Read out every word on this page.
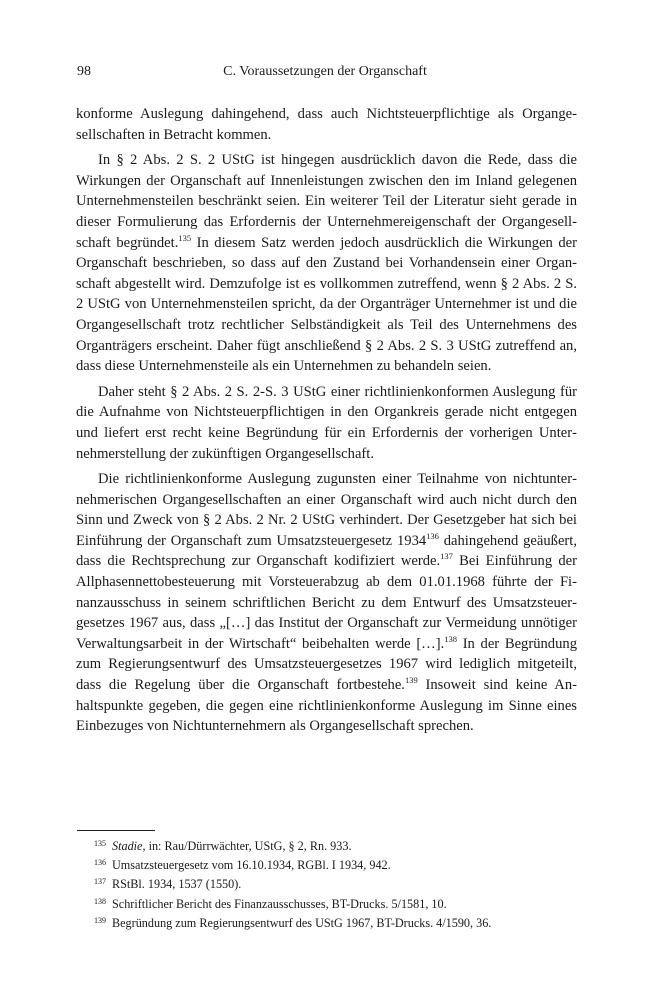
98	C. Voraussetzungen der Organschaft

konforme Auslegung dahingehend, dass auch Nichtsteuerpflichtige als Organgesellschaften in Betracht kommen.

In § 2 Abs. 2 S. 2 UStG ist hingegen ausdrücklich davon die Rede, dass die Wirkungen der Organschaft auf Innenleistungen zwischen den im Inland gelegenen Unternehmensteilen beschränkt seien. Ein weiterer Teil der Literatur sieht gerade in dieser Formulierung das Erfordernis der Unternehmereigenschaft der Organgesellschaft begründet.$^{135}$ In diesem Satz werden jedoch ausdrücklich die Wirkungen der Organschaft beschrieben, so dass auf den Zustand bei Vorhandensein einer Organschaft abgestellt wird. Demzufolge ist es vollkommen zutreffend, wenn § 2 Abs. 2 S. 2 UStG von Unternehmensteilen spricht, da der Organträger Unternehmer ist und die Organgesellschaft trotz rechtlicher Selbständigkeit als Teil des Unternehmens des Organträgers erscheint. Daher fügt anschließend § 2 Abs. 2 S. 3 UStG zutreffend an, dass diese Unternehmensteile als ein Unternehmen zu behandeln seien.

Daher steht § 2 Abs. 2 S. 2-S. 3 UStG einer richtlinienkonformen Auslegung für die Aufnahme von Nichtsteuerpflichtigen in den Organkreis gerade nicht entgegen und liefert erst recht keine Begründung für ein Erfordernis der vorherigen Unternehmerstellung der zukünftigen Organgesellschaft.

Die richtlinienkonforme Auslegung zugunsten einer Teilnahme von nichtunternehmerischen Organgesellschaften an einer Organschaft wird auch nicht durch den Sinn und Zweck von § 2 Abs. 2 Nr. 2 UStG verhindert. Der Gesetzgeber hat sich bei Einführung der Organschaft zum Umsatzsteuergesetz 1934$^{136}$ dahingehend geäußert, dass die Rechtsprechung zur Organschaft kodifiziert werde.$^{137}$ Bei Einführung der Allphasennettobesteuerung mit Vorsteuerabzug ab dem 01.01.1968 führte der Finanzausschuss in seinem schriftlichen Bericht zu dem Entwurf des Umsatzsteuergesetzes 1967 aus, dass „[…] das Institut der Organschaft zur Vermeidung unnötiger Verwaltungsarbeit in der Wirtschaft“ beibehalten werde […].$^{138}$ In der Begründung zum Regierungsentwurf des Umsatzsteuergesetzes 1967 wird lediglich mitgeteilt, dass die Regelung über die Organschaft fortbestehe.$^{139}$ Insoweit sind keine Anhaltspunkte gegeben, die gegen eine richtlinienkonforme Auslegung im Sinne eines Einbezuges von Nichtunternehmern als Organgesellschaft sprechen.

135 Stadie, in: Rau/Dürrwächter, UStG, § 2, Rn. 933.
136 Umsatzsteuergesetz vom 16.10.1934, RGBl. I 1934, 942.
137 RStBl. 1934, 1537 (1550).
138 Schriftlicher Bericht des Finanzausschusses, BT-Drucks. 5/1581, 10.
139 Begründung zum Regierungsentwurf des UStG 1967, BT-Drucks. 4/1590, 36.
